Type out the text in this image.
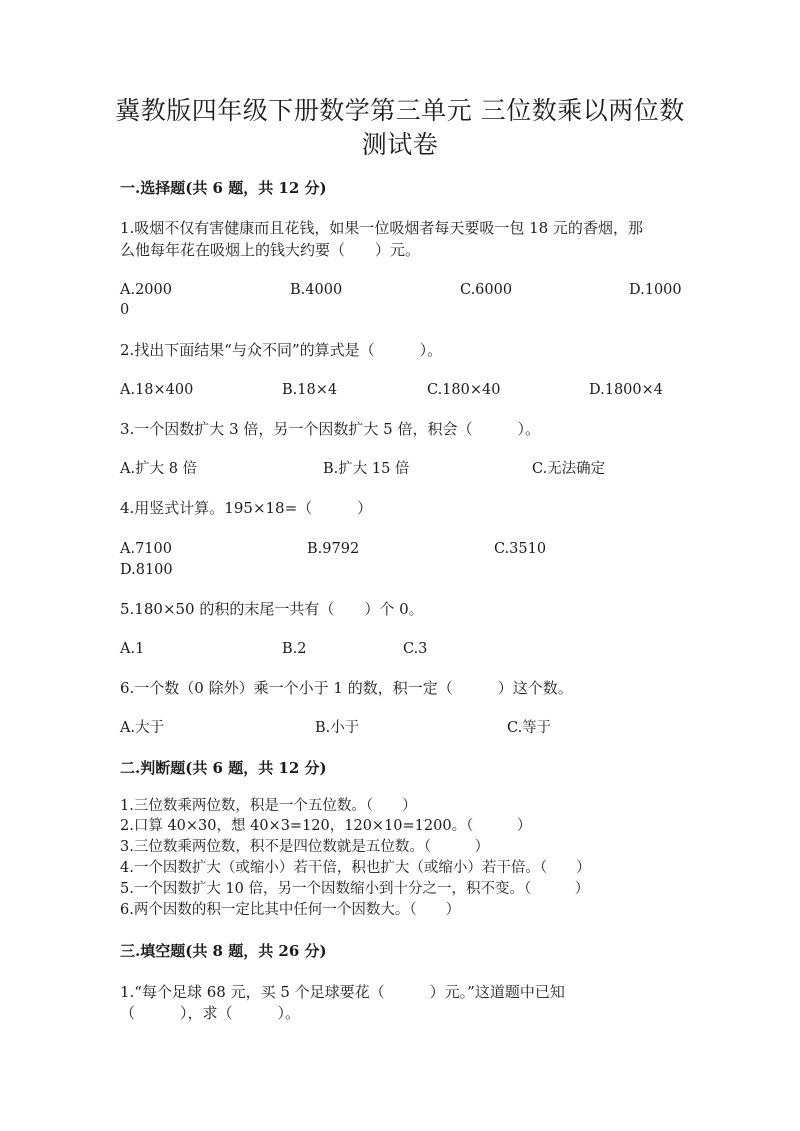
冀教版四年级下册数学第三单元 三位数乘以两位数
测试卷
一.选择题(共 6 题，共 12 分)
1.吸烟不仅有害健康而且花钱，如果一位吸烟者每天要吸一包 18 元的香烟，那
么他每年花在吸烟上的钱大约要（　　）元。
A.2000	B.4000	C.6000	D.1000
0
2.找出下面结果“与众不同”的算式是（　　　）。
A.18×400	B.18×4	C.180×40	D.1800×4
3.一个因数扩大 3 倍，另一个因数扩大 5 倍，积会（　　　）。
A.扩大 8 倍	B.扩大 15 倍	C.无法确定
4.用竖式计算。195×18=（　　　）
A.7100	B.9792	C.3510
D.8100
5.180×50 的积的末尾一共有（　　）个 0。
A.1	B.2	C.3
6.一个数（0 除外）乘一个小于 1 的数，积一定（　　　）这个数。
A.大于	B.小于	C.等于
二.判断题(共 6 题，共 12 分)
1.三位数乘两位数，积是一个五位数。（　　）
2.口算 40×30，想 40×3=120，120×10=1200。（　　　）
3.三位数乘两位数，积不是四位数就是五位数。（　　　）
4.一个因数扩大（或缩小）若干倍，积也扩大（或缩小）若干倍。（　　）
5.一个因数扩大 10 倍，另一个因数缩小到十分之一，积不变。（　　　）
6.两个因数的积一定比其中任何一个因数大。（　　）
三.填空题(共 8 题，共 26 分)
1.“每个足球 68 元，买 5 个足球要花（　　　）元。”这道题中已知
（　　　），求（　　　）。
